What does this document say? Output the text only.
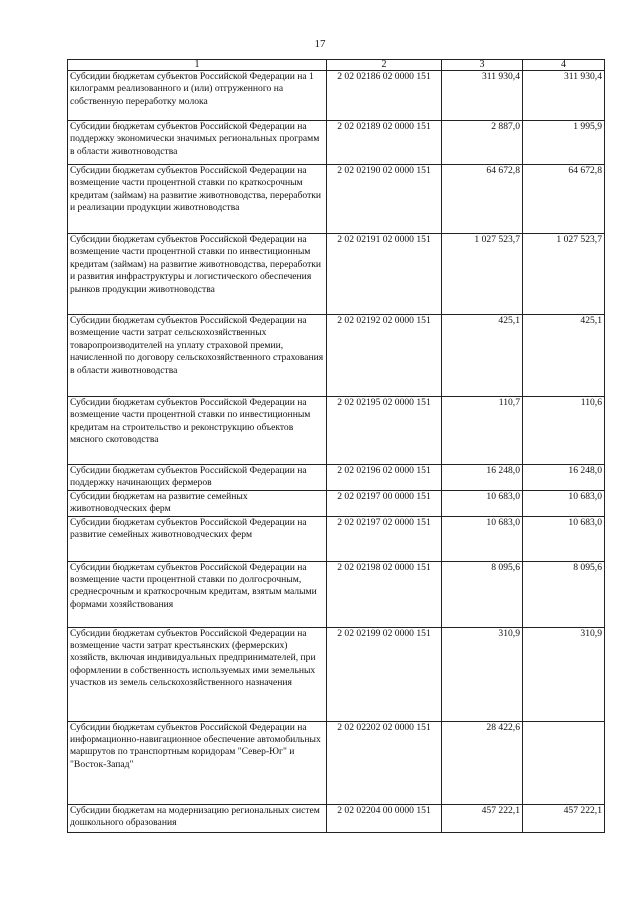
17
1	2	3	4
Субсидии бюджетам субъектов Российской Федерации на 1 килограмм реализованного и (или) отгруженного на собственную переработку молока	2 02 02186 02 0000 151	311 930,4	311 930,4
Субсидии бюджетам субъектов Российской Федерации на поддержку экономически значимых региональных программ в области животноводства	2 02 02189 02 0000 151	2 887,0	1 995,9
Субсидии бюджетам субъектов Российской Федерации на возмещение части процентной ставки по краткосрочным кредитам (займам) на развитие животноводства, переработки и реализации продукции животноводства	2 02 02190 02 0000 151	64 672,8	64 672,8
Субсидии бюджетам субъектов Российской Федерации на возмещение части процентной ставки по инвестиционным кредитам (займам) на развитие животноводства, переработки и развития инфраструктуры и логистического обеспечения рынков продукции животноводства	2 02 02191 02 0000 151	1 027 523,7	1 027 523,7
Субсидии бюджетам субъектов Российской Федерации на возмещение части затрат сельскохозяйственных товаропроизводителей на уплату страховой премии, начисленной по договору сельскохозяйственного страхования в области животноводства	2 02 02192 02 0000 151	425,1	425,1
Субсидии бюджетам субъектов Российской Федерации на возмещение части процентной ставки по инвестиционным кредитам на строительство и реконструкцию объектов мясного скотоводства	2 02 02195 02 0000 151	110,7	110,6
Субсидии бюджетам субъектов Российской Федерации на поддержку начинающих фермеров	2 02 02196 02 0000 151	16 248,0	16 248,0
Субсидии бюджетам на развитие семейных животноводческих ферм	2 02 02197 00 0000 151	10 683,0	10 683,0
Субсидии бюджетам субъектов Российской Федерации на развитие семейных животноводческих ферм	2 02 02197 02 0000 151	10 683,0	10 683,0
Субсидии бюджетам субъектов Российской Федерации на возмещение части процентной ставки по долгосрочным, среднесрочным и краткосрочным кредитам, взятым малыми формами хозяйствования	2 02 02198 02 0000 151	8 095,6	8 095,6
Субсидии бюджетам субъектов Российской Федерации на возмещение части затрат крестьянских (фермерских) хозяйств, включая индивидуальных предпринимателей, при оформлении в собственность используемых ими земельных участков из земель сельскохозяйственного назначения	2 02 02199 02 0000 151	310,9	310,9
Субсидии бюджетам субъектов Российской Федерации на информационно-навигационное обеспечение автомобильных маршрутов по транспортным коридорам "Север-Юг" и "Восток-Запад"	2 02 02202 02 0000 151	28 422,6	
Субсидии бюджетам на модернизацию региональных систем дошкольного образования	2 02 02204 00 0000 151	457 222,1	457 222,1
